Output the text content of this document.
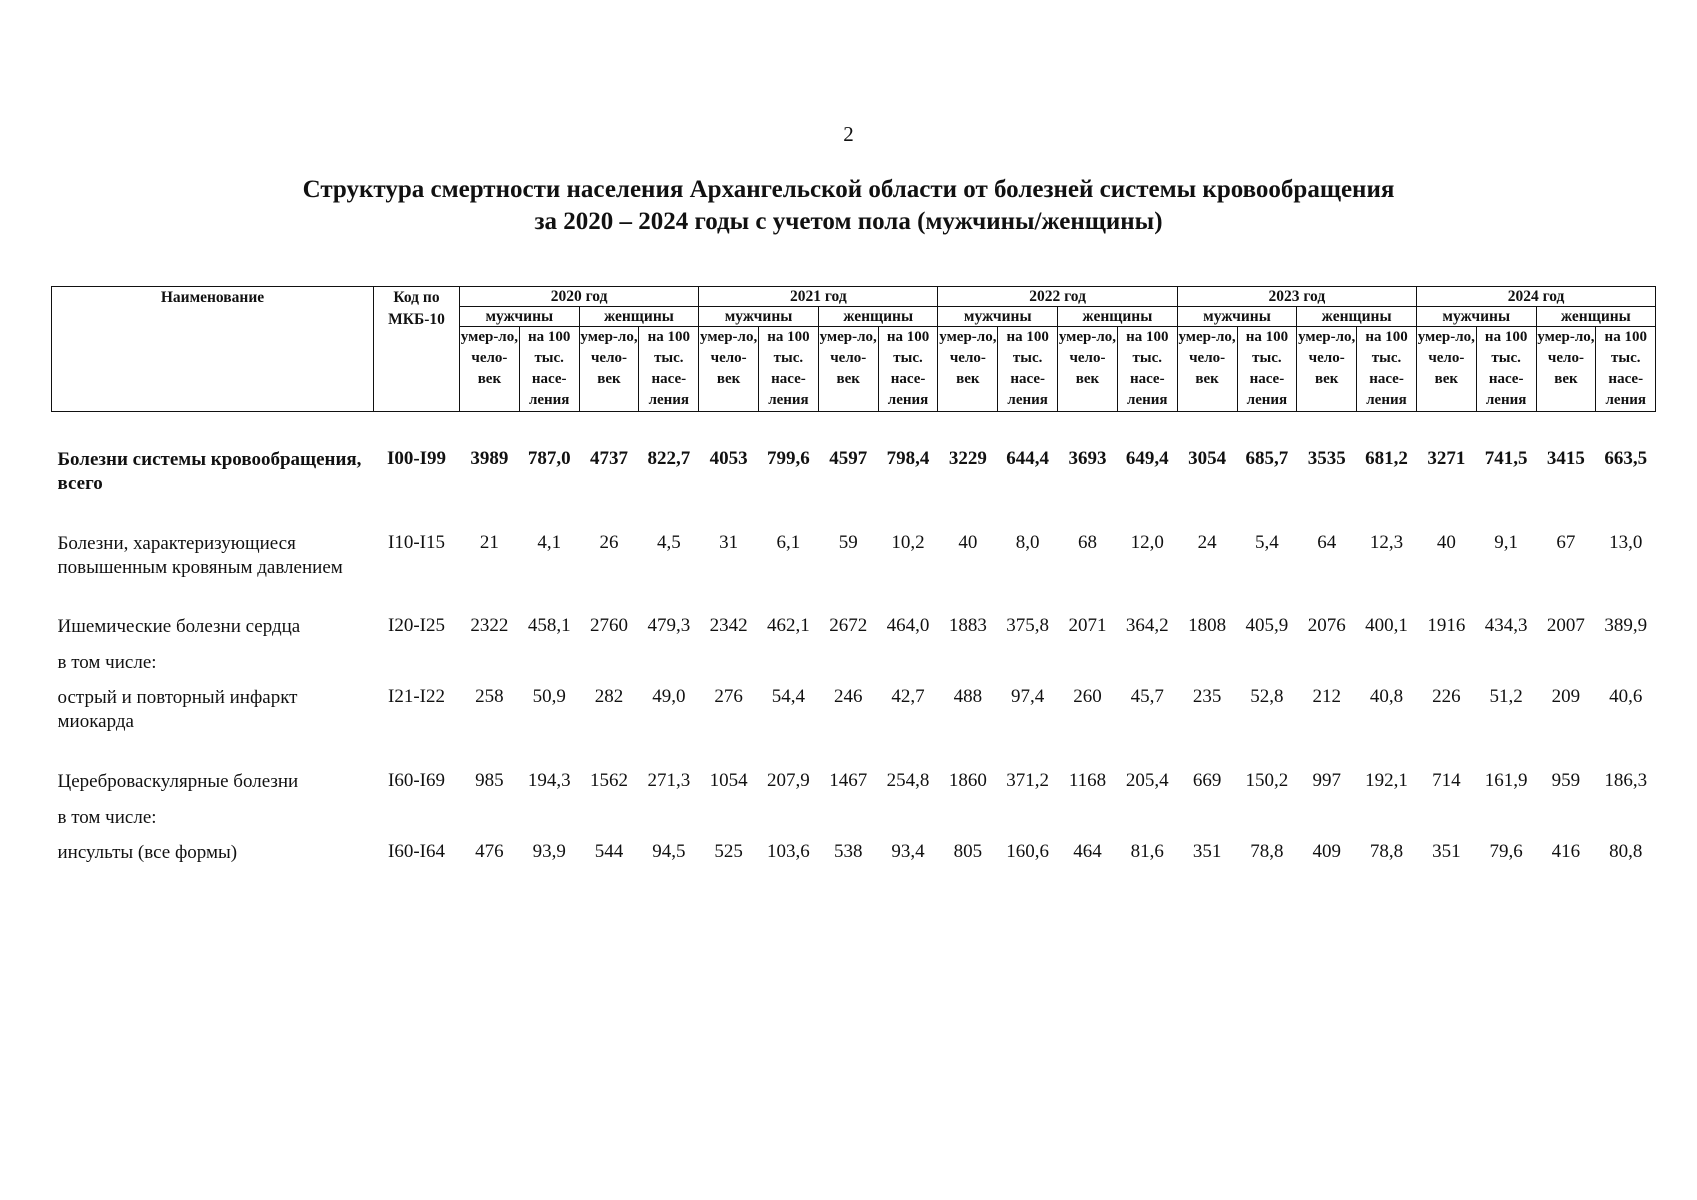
2
Структура смертности населения Архангельской области от болезней системы кровообращения
за 2020 – 2024 годы с учетом пола (мужчины/женщины)
Наименование	Код по МКБ-10	2020 год				2021 год				2022 год				2023 год				2024 год			
		мужчины		женщины		мужчины		женщины		мужчины		женщины		мужчины		женщины		мужчины		женщины	
		умер-ло, чело-век	на 100 тыс. насе-ления	умер-ло, чело-век	на 100 тыс. насе-ления	умер-ло, чело-век	на 100 тыс. насе-ления	умер-ло, чело-век	на 100 тыс. насе-ления	умер-ло, чело-век	на 100 тыс. насе-ления	умер-ло, чело-век	на 100 тыс. насе-ления	умер-ло, чело-век	на 100 тыс. насе-ления	умер-ло, чело-век	на 100 тыс. насе-ления	умер-ло, чело-век	на 100 тыс. насе-ления	умер-ло, чело-век	на 100 тыс. насе-ления

Болезни системы кровообращения, всего	I00-I99	3989	787,0	4737	822,7	4053	799,6	4597	798,4	3229	644,4	3693	649,4	3054	685,7	3535	681,2	3271	741,5	3415	663,5
Болезни, характеризующиеся повышенным кровяным давлением	I10-I15	21	4,1	26	4,5	31	6,1	59	10,2	40	8,0	68	12,0	24	5,4	64	12,3	40	9,1	67	13,0
Ишемические болезни сердца	I20-I25	2322	458,1	2760	479,3	2342	462,1	2672	464,0	1883	375,8	2071	364,2	1808	405,9	2076	400,1	1916	434,3	2007	389,9
в том числе:																					
острый и повторный инфаркт миокарда	I21-I22	258	50,9	282	49,0	276	54,4	246	42,7	488	97,4	260	45,7	235	52,8	212	40,8	226	51,2	209	40,6
Цереброваскулярные болезни	I60-I69	985	194,3	1562	271,3	1054	207,9	1467	254,8	1860	371,2	1168	205,4	669	150,2	997	192,1	714	161,9	959	186,3
в том числе:																					
инсульты (все формы)	I60-I64	476	93,9	544	94,5	525	103,6	538	93,4	805	160,6	464	81,6	351	78,8	409	78,8	351	79,6	416	80,8
